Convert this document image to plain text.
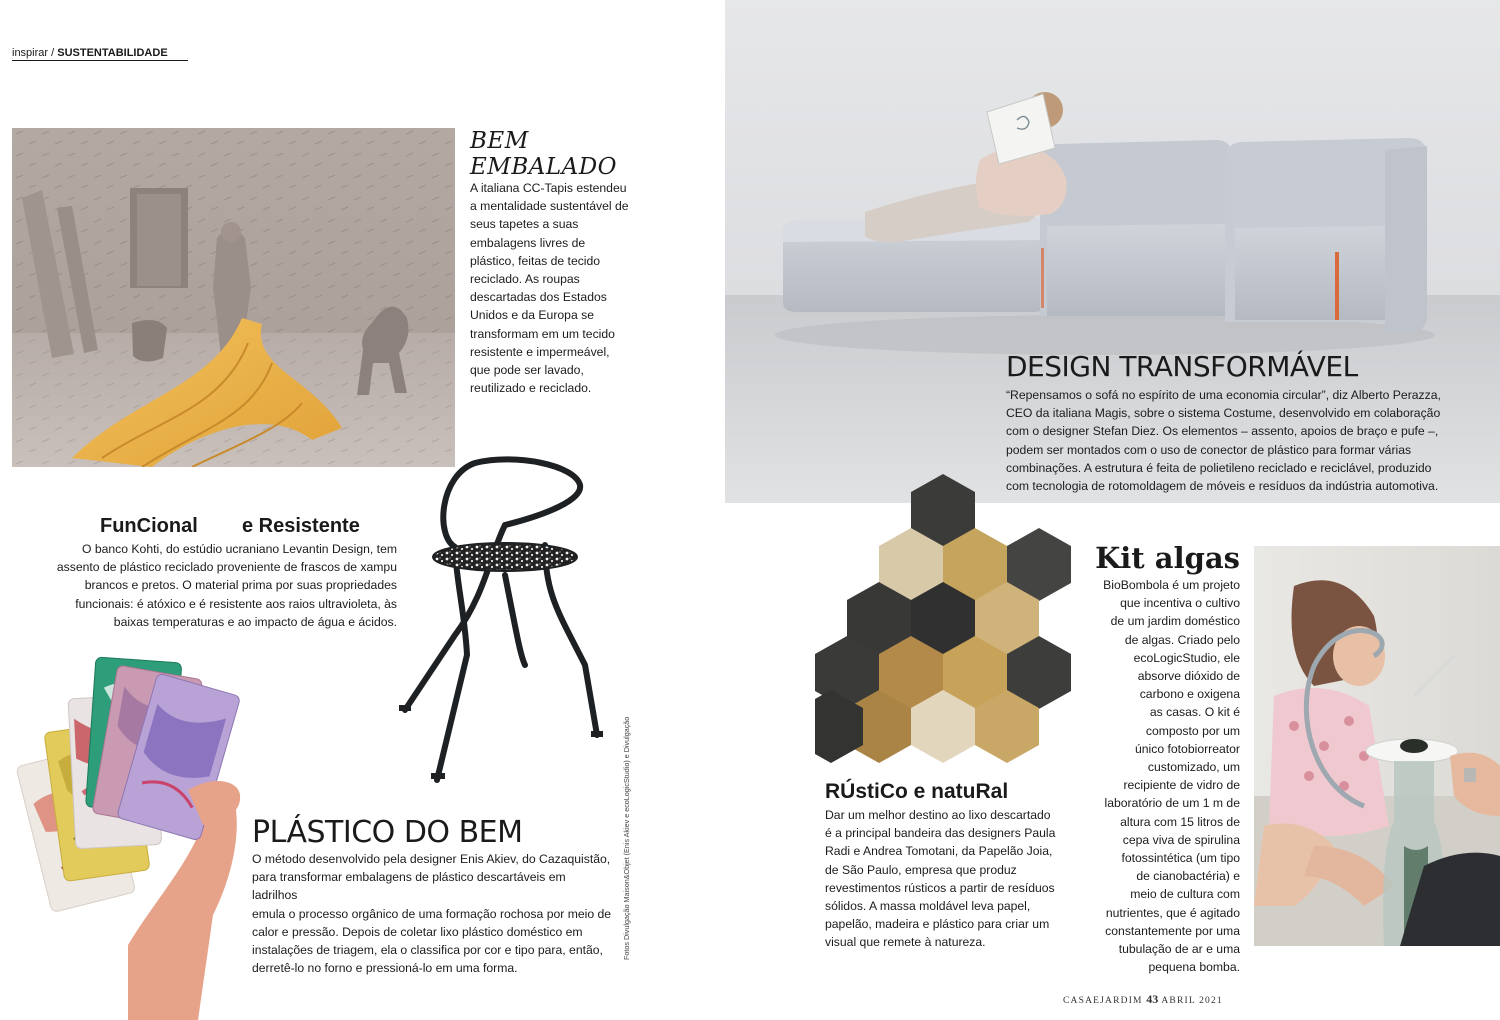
inspirar / SUSTENTABILIDADE
BEM
EMBALADO
A italiana CC-Tapis estendeu
a mentalidade sustentável de
seus tapetes a suas
embalagens livres de
plástico, feitas de tecido
reciclado. As roupas
descartadas dos Estados
Unidos e da Europa se
transformam em um tecido
resistente e impermeável,
que pode ser lavado,
reutilizado e reciclado.
DESIGN TRANSFORMÁVEL
“Repensamos o sofá no espírito de uma economia circular”, diz Alberto Perazza,
CEO da italiana Magis, sobre o sistema Costume, desenvolvido em colaboração
com o designer Stefan Diez. Os elementos – assento, apoios de braço e pufe –,
podem ser montados com o uso de conector de plástico para formar várias
combinações. A estrutura é feita de polietileno reciclado e reciclável, produzido
com tecnologia de rotomoldagem de móveis e resíduos da indústria automotiva.
FunCional e Resistente
O banco Kohti, do estúdio ucraniano Levantin Design, tem
assento de plástico reciclado proveniente de frascos de xampu
brancos e pretos. O material prima por suas propriedades
funcionais: é atóxico e é resistente aos raios ultravioleta, às
baixas temperaturas e ao impacto de água e ácidos.
PLÁSTICO DO BEM
O método desenvolvido pela designer Enis Akiev, do Cazaquistão,
para transformar embalagens de plástico descartáveis em ladrilhos
emula o processo orgânico de uma formação rochosa por meio de
calor e pressão. Depois de coletar lixo plástico doméstico em
instalações de triagem, ela o classifica por cor e tipo para, então,
derretê-lo no forno e pressioná-lo em uma forma.
Fotos Divulgação Maison&Objet (Enis Akiev e ecoLogicStudio) e Divulgação	RÚstiCo e natuRal
Dar um melhor destino ao lixo descartado
é a principal bandeira das designers Paula
Radi e Andrea Tomotani, da Papelão Joia,
de São Paulo, empresa que produz
revestimentos rústicos a partir de resíduos
sólidos. A massa moldável leva papel,
papelão, madeira e plástico para criar um
visual que remete à natureza.
Kit algas
BioBombola é um projeto
que incentiva o cultivo
de um jardim doméstico
de algas. Criado pelo
ecoLogicStudio, ele
absorve dióxido de
carbono e oxigena
as casas. O kit é
composto por um
único fotobiorreator
customizado, um
recipiente de vidro de
laboratório de um 1 m de
altura com 15 litros de
cepa viva de spirulina
fotossintética (um tipo
de cianobactéria) e
meio de cultura com
nutrientes, que é agitado
constantemente por uma
tubulação de ar e uma
pequena bomba.
CASAEJARDIM 43 ABRIL 2021
